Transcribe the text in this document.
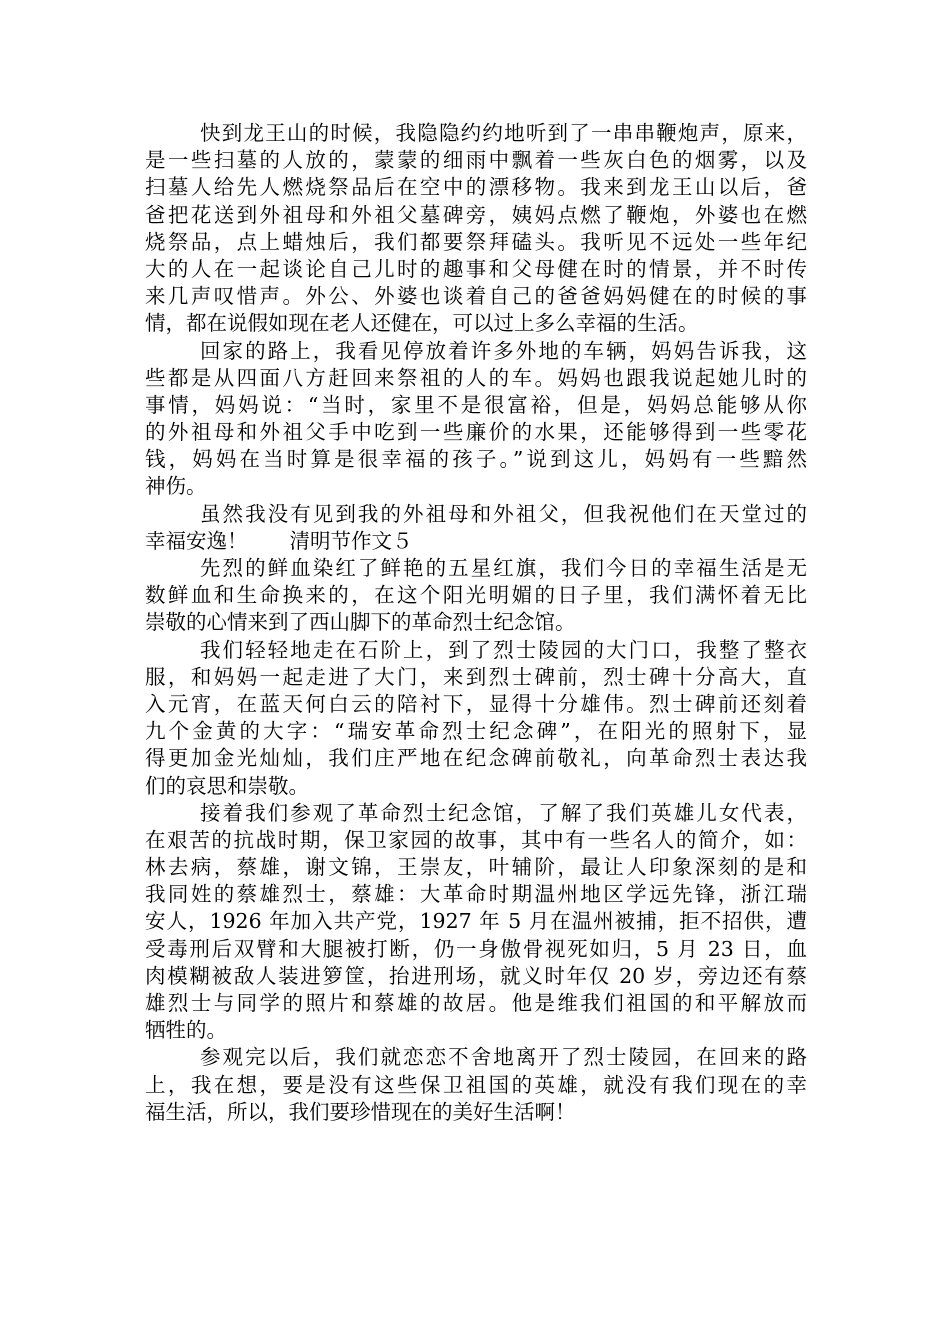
快到龙王山的时候，我隐隐约约地听到了一串串鞭炮声，原来，
是一些扫墓的人放的，蒙蒙的细雨中飘着一些灰白色的烟雾，以及
扫墓人给先人燃烧祭品后在空中的漂移物。我来到龙王山以后，爸
爸把花送到外祖母和外祖父墓碑旁，姨妈点燃了鞭炮，外婆也在燃
烧祭品，点上蜡烛后，我们都要祭拜磕头。我听见不远处一些年纪
大的人在一起谈论自己儿时的趣事和父母健在时的情景，并不时传
来几声叹惜声。外公、外婆也谈着自己的爸爸妈妈健在的时候的事
情，都在说假如现在老人还健在，可以过上多么幸福的生活。
回家的路上，我看见停放着许多外地的车辆，妈妈告诉我，这
些都是从四面八方赶回来祭祖的人的车。妈妈也跟我说起她儿时的
事情，妈妈说：“当时，家里不是很富裕，但是，妈妈总能够从你
的外祖母和外祖父手中吃到一些廉价的水果，还能够得到一些零花
钱，妈妈在当时算是很幸福的孩子。”说到这儿，妈妈有一些黯然
神伤。
虽然我没有见到我的外祖母和外祖父，但我祝他们在天堂过的
幸福安逸！ 清明节作文５
先烈的鲜血染红了鲜艳的五星红旗，我们今日的幸福生活是无
数鲜血和生命换来的，在这个阳光明媚的日子里，我们满怀着无比
崇敬的心情来到了西山脚下的革命烈士纪念馆。
我们轻轻地走在石阶上，到了烈士陵园的大门口，我整了整衣
服，和妈妈一起走进了大门，来到烈士碑前，烈士碑十分高大，直
入元宵，在蓝天何白云的陪衬下，显得十分雄伟。烈士碑前还刻着
九个金黄的大字：“瑞安革命烈士纪念碑”，在阳光的照射下，显
得更加金光灿灿，我们庄严地在纪念碑前敬礼，向革命烈士表达我
们的哀思和崇敬。
接着我们参观了革命烈士纪念馆，了解了我们英雄儿女代表，
在艰苦的抗战时期，保卫家园的故事，其中有一些名人的简介，如：
林去病，蔡雄，谢文锦，王崇友，叶辅阶，最让人印象深刻的是和
我同姓的蔡雄烈士，蔡雄：大革命时期温州地区学远先锋，浙江瑞
安人，1926 年加入共产党，1927 年 5 月在温州被捕，拒不招供，遭
受毒刑后双臂和大腿被打断，仍一身傲骨视死如归，5 月 23 日，血
肉模糊被敌人装进箩筐，抬进刑场，就义时年仅 20 岁，旁边还有蔡
雄烈士与同学的照片和蔡雄的故居。他是维我们祖国的和平解放而
牺牲的。
参观完以后，我们就恋恋不舍地离开了烈士陵园，在回来的路
上，我在想，要是没有这些保卫祖国的英雄，就没有我们现在的幸
福生活，所以，我们要珍惜现在的美好生活啊！
